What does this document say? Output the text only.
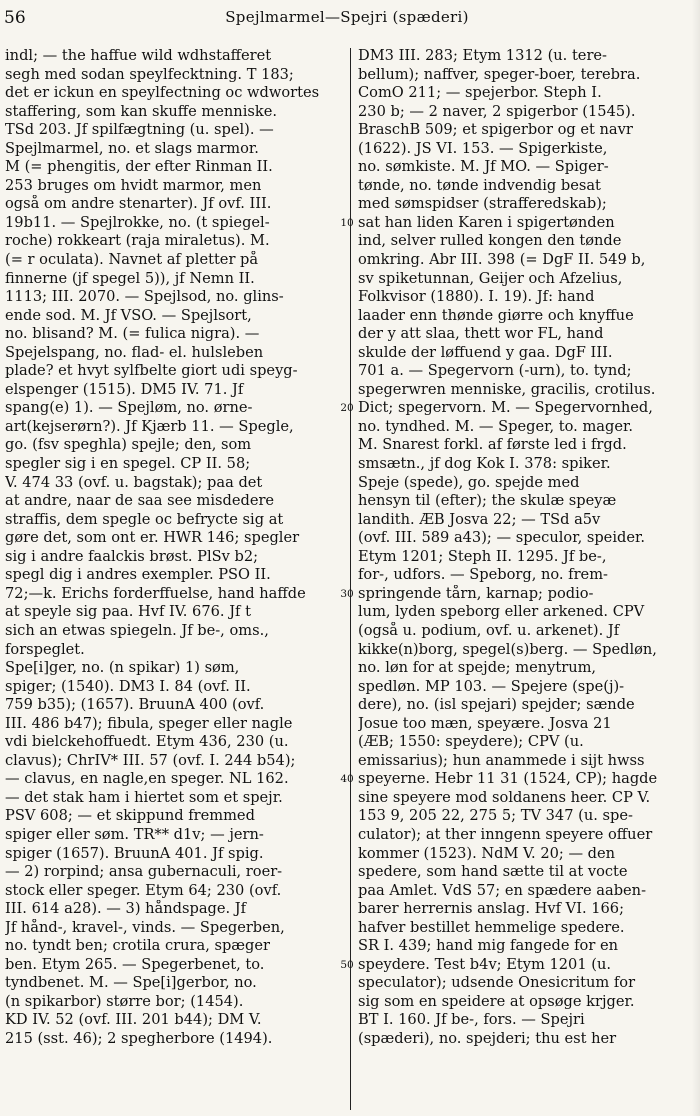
56	Spejlmarmel—Spejri (spæderi)
indl; — the haffue wild wdhstafferet
segh med sodan speylfecktning. T 183;
det er ickun en speylfectning oc wdwortes
staffering, som kan skuffe menniske.
TSd 203. Jf spilfægtning (u. spel). —
Spejlmarmel, no. et slags marmor.
M (= phengitis, der efter Rinman II.
253 bruges om hvidt marmor, men
også om andre stenarter). Jf ovf. III.
19b11. — Spejlrokke, no. (t spiegel-
roche) rokkeart (raja miraletus). M.
(= r oculata). Navnet af pletter på
finnerne (jf spegel 5)), jf Nemn II.
1113; III. 2070. — Spejlsod, no. glins-
ende sod. M. Jf VSO. — Spejlsort,
no. blisand? M. (= fulica nigra). —
Spejelspang, no. flad- el. hulsleben
plade? et hvyt sylfbelte giort udi speyg-
elspenger (1515). DM5 IV. 71. Jf
spang(e) 1). — Spejløm, no. ørne-
art(kejserørn?). Jf Kjærb 11. — Spegle,
go. (fsv speghla) spejle; den, som
spegler sig i en spegel. CP II. 58;
V. 474 33 (ovf. u. bagstak); paa det
at andre, naar de saa see misdedere
straffis, dem spegle oc befrycte sig at
gøre det, som ont er. HWR 146; spegler
sig i andre faalckis brøst. PlSv b2;
spegl dig i andres exempler. PSO II.
72;—k. Erichs forderffuelse, hand haffde
at speyle sig paa. Hvf IV. 676. Jf t
sich an etwas spiegeln. Jf be-, oms.,
forspeglet.
Spe[i]ger, no. (n spikar) 1) søm,
spiger; (1540). DM3 I. 84 (ovf. II.
759 b35); (1657). BruunA 400 (ovf.
III. 486 b47); fibula, speger eller nagle
vdi bielckehoffuedt. Etym 436, 230 (u.
clavus); ChrIV* III. 57 (ovf. I. 244 b54);
— clavus, en nagle,en speger. NL 162.
— det stak ham i hiertet som et spejr.
PSV 608; — et skippund fremmed
spiger eller søm. TR** d1v; — jern-
spiger (1657). BruunA 401. Jf spig.
— 2) rorpind; ansa gubernaculi, roer-
stock eller speger. Etym 64; 230 (ovf.
III. 614 a28). — 3) håndspage. Jf
Jf hånd-, kravel-, vinds. — Spegerben,
no. tyndt ben; crotila crura, spæger
ben. Etym 265. — Spegerbenet, to.
tyndbenet. M. — Spe[i]gerbor, no.
(n spikarbor) større bor; (1454).
KD IV. 52 (ovf. III. 201 b44); DM V.
215 (sst. 46); 2 spegherbore (1494).
DM3 III. 283; Etym 1312 (u. tere-
bellum); naffver, speger-boer, terebra.
ComO 211; — spejerbor. Steph I.
230 b; — 2 naver, 2 spigerbor (1545).
BraschB 509; et spigerbor og et navr
(1622). JS VI. 153. — Spigerkiste,
no. sømkiste. M. Jf MO. — Spiger-
tønde, no. tønde indvendig besat
med sømspidser (strafferedskab);
sat han liden Karen i spigertønden
ind, selver rulled kongen den tønde
omkring. Abr III. 398 (= DgF II. 549 b,
sv spiketunnan, Geijer och Afzelius,
Folkvisor (1880). I. 19). Jf: hand
laader enn thønde giørre och knyffue
der y att slaa, thett wor FL, hand
skulde der løffuend y gaa. DgF III.
701 a. — Spegervorn (-urn), to. tynd;
spegerwren menniske, gracilis, crotilus.
Dict; spegervorn. M. — Spegervornhed,
no. tyndhed. M. — Speger, to. mager.
M. Snarest forkl. af første led i frgd.
smsætn., jf dog Kok I. 378: spiker.
Speje (spede), go. spejde med
hensyn til (efter); the skulæ speyæ
landith. ÆB Josva 22; — TSd a5v
(ovf. III. 589 a43); — speculor, speider.
Etym 1201; Steph II. 1295. Jf be-,
for-, udfors. — Speborg, no. frem-
springende tårn, karnap; podio-
lum, lyden speborg eller arkened. CPV
(også u. podium, ovf. u. arkenet). Jf
kikke(n)borg, spegel(s)berg. — Spedløn,
no. løn for at spejde; menytrum,
spedløn. MP 103. — Spejere (spe(j)-
dere), no. (isl spejari) spejder; sænde
Josue too mæn, speyære. Josva 21
(ÆB; 1550: speydere); CPV (u.
emissarius); hun anammede i sijt hwss
speyerne. Hebr 11 31 (1524, CP); hagde
sine speyere mod soldanens heer. CP V.
153 9, 205 22, 275 5; TV 347 (u. spe-
culator); at ther inngenn speyere offuer
kommer (1523). NdM V. 20; — den
spedere, som hand sætte til at vocte
paa Amlet. VdS 57; en spædere aaben-
barer herrernis anslag. Hvf VI. 166;
hafver bestillet hemmelige spedere.
SR I. 439; hand mig fangede for en
speydere. Test b4v; Etym 1201 (u.
speculator); udsende Onesicritum for
sig som en speidere at opsøge krjger.
BT I. 160. Jf be-, fors. — Spejri
(spæderi), no. spejderi; thu est her
10
20
30
40
50
